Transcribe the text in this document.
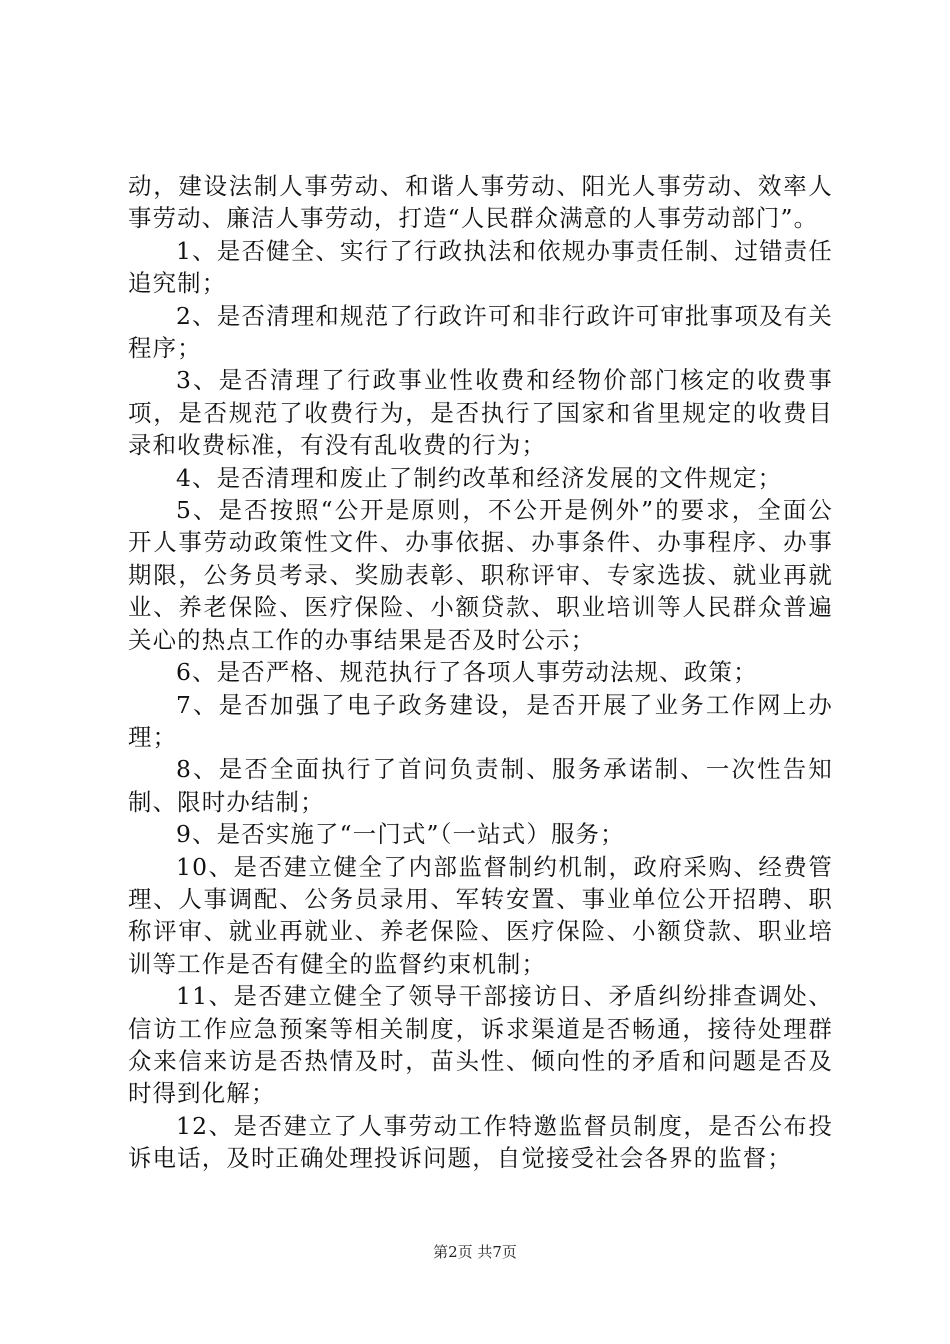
动，建设法制人事劳动、和谐人事劳动、阳光人事劳动、效率人事劳动、廉洁人事劳动，打造“人民群众满意的人事劳动部门”。

1、是否健全、实行了行政执法和依规办事责任制、过错责任追究制；

2、是否清理和规范了行政许可和非行政许可审批事项及有关程序；

3、是否清理了行政事业性收费和经物价部门核定的收费事项，是否规范了收费行为，是否执行了国家和省里规定的收费目录和收费标准，有没有乱收费的行为；

4、是否清理和废止了制约改革和经济发展的文件规定；

5、是否按照“公开是原则，不公开是例外”的要求，全面公开人事劳动政策性文件、办事依据、办事条件、办事程序、办事期限，公务员考录、奖励表彰、职称评审、专家选拔、就业再就业、养老保险、医疗保险、小额贷款、职业培训等人民群众普遍关心的热点工作的办事结果是否及时公示；

6、是否严格、规范执行了各项人事劳动法规、政策；

7、是否加强了电子政务建设，是否开展了业务工作网上办理；

8、是否全面执行了首问负责制、服务承诺制、一次性告知制、限时办结制；

9、是否实施了“一门式”（一站式）服务；

10、是否建立健全了内部监督制约机制，政府采购、经费管理、人事调配、公务员录用、军转安置、事业单位公开招聘、职称评审、就业再就业、养老保险、医疗保险、小额贷款、职业培训等工作是否有健全的监督约束机制；

11、是否建立健全了领导干部接访日、矛盾纠纷排查调处、信访工作应急预案等相关制度，诉求渠道是否畅通，接待处理群众来信来访是否热情及时，苗头性、倾向性的矛盾和问题是否及时得到化解；

12、是否建立了人事劳动工作特邀监督员制度，是否公布投诉电话，及时正确处理投诉问题，自觉接受社会各界的监督；

第2页 共7页
